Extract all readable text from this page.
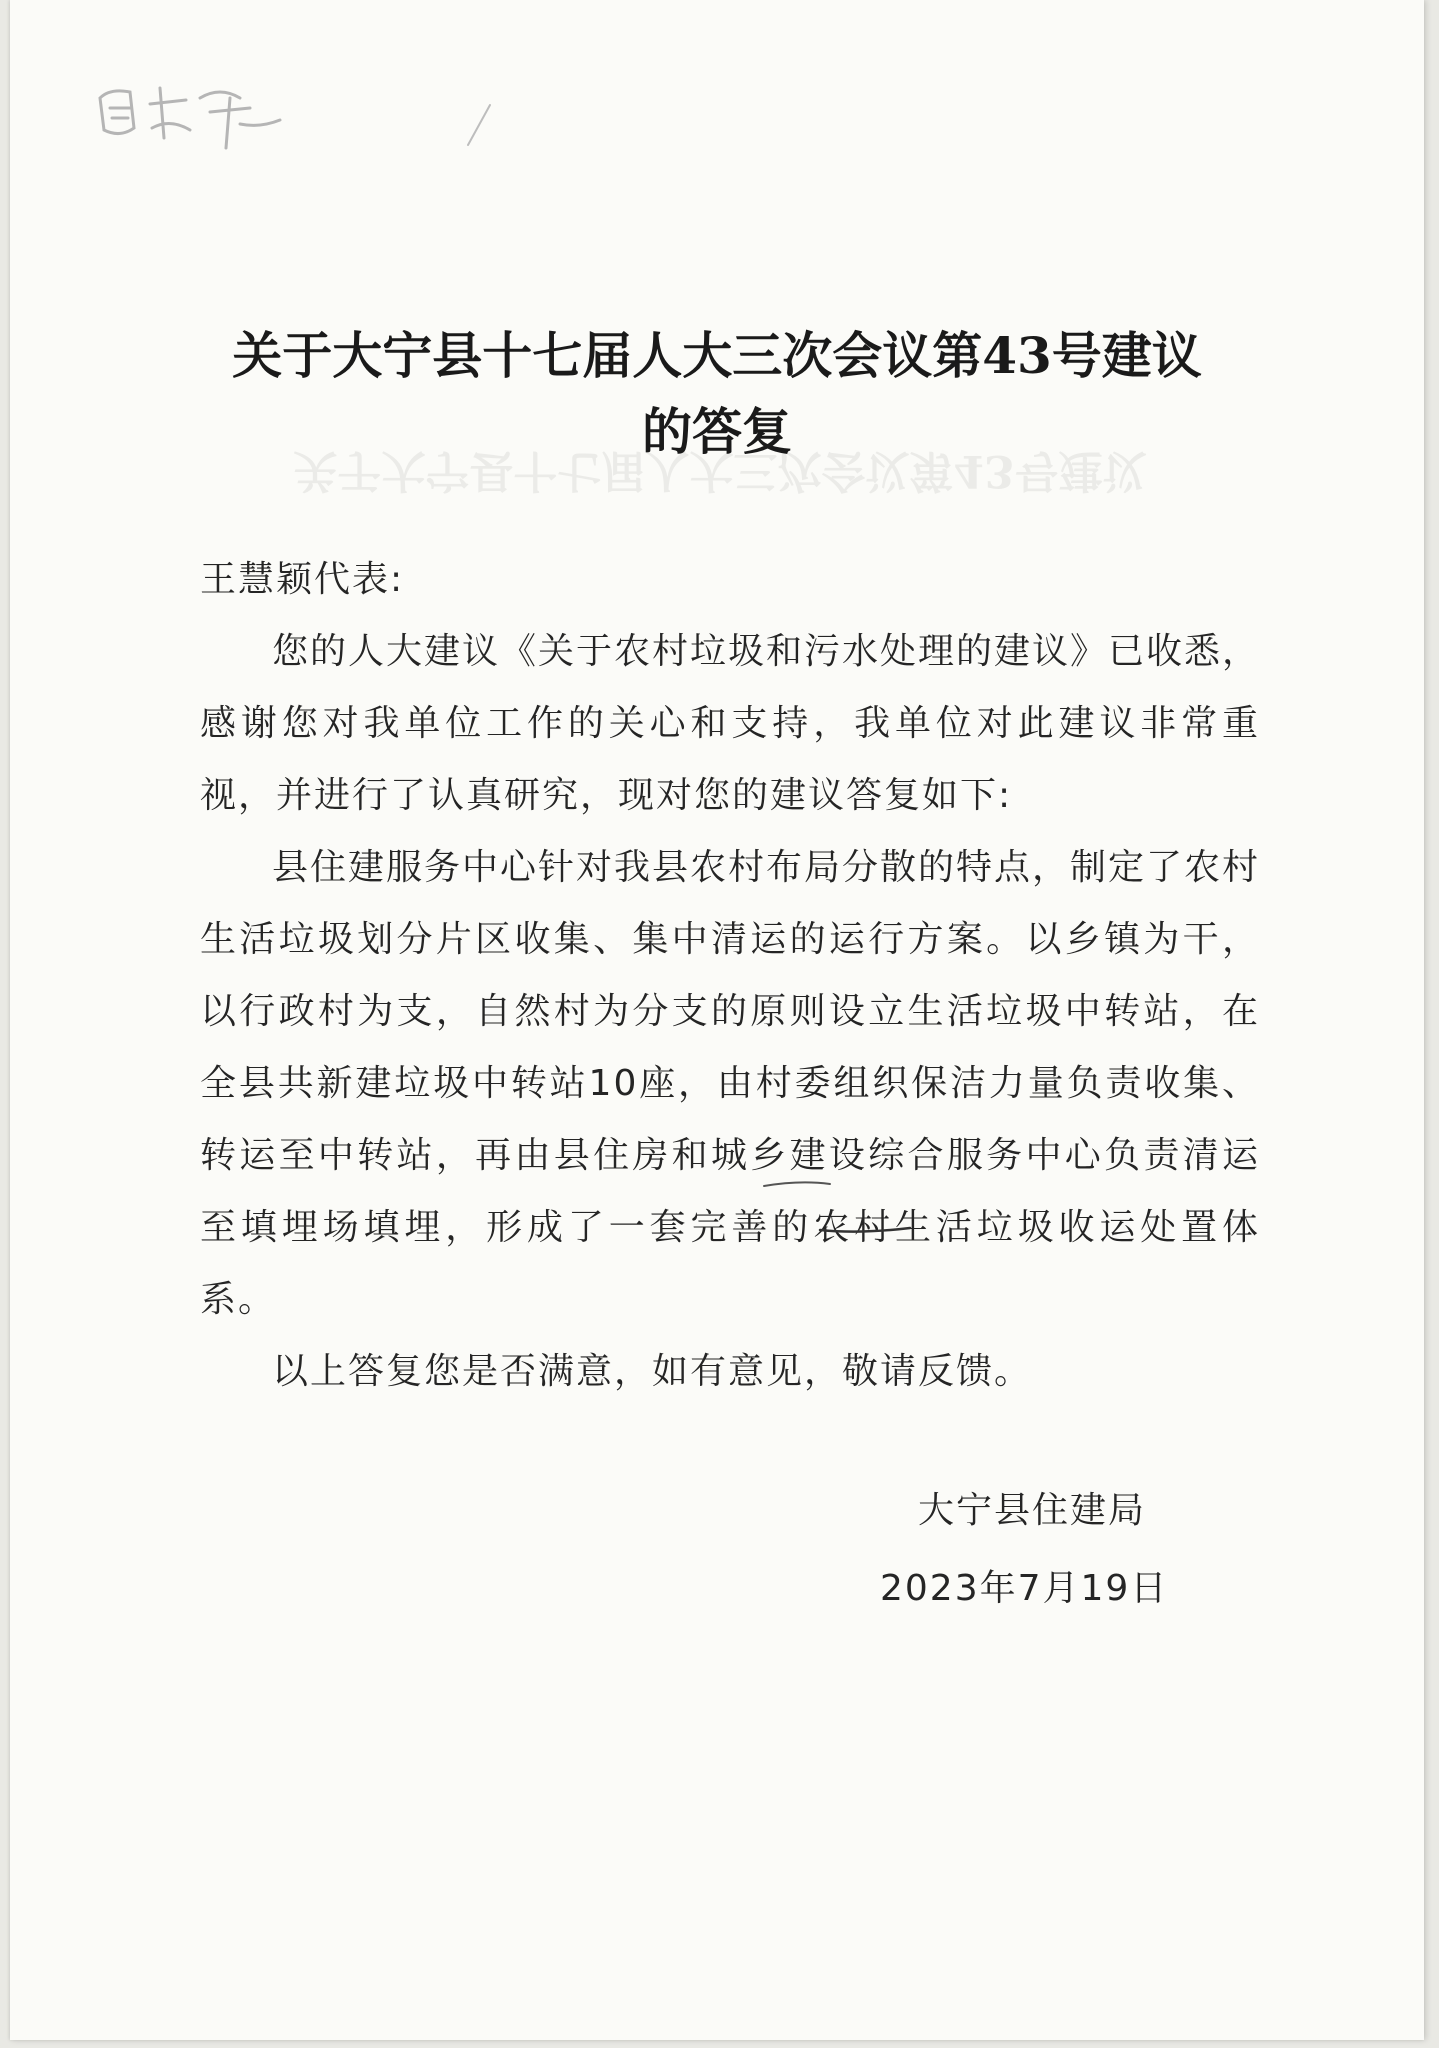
关于大宁县十七届人大三次会议第43号建议
的答复
关于大宁县十七届人大三次会议第43号建议
王慧颖代表:

您的人大建议《关于农村垃圾和污水处理的建议》已收悉，感谢您对我单位工作的关心和支持，我单位对此建议非常重视，并进行了认真研究，现对您的建议答复如下:

县住建服务中心针对我县农村布局分散的特点，制定了农村生活垃圾划分片区收集、集中清运的运行方案。以乡镇为干，以行政村为支，自然村为分支的原则设立生活垃圾中转站，在全县共新建垃圾中转站10座，由村委组织保洁力量负责收集、转运至中转站，再由县住房和城乡建设综合服务中心负责清运至填埋场填埋，形成了一套完善的农村生活垃圾收运处置体系。

以上答复您是否满意，如有意见，敬请反馈。

大宁县住建局
2023年7月19日
